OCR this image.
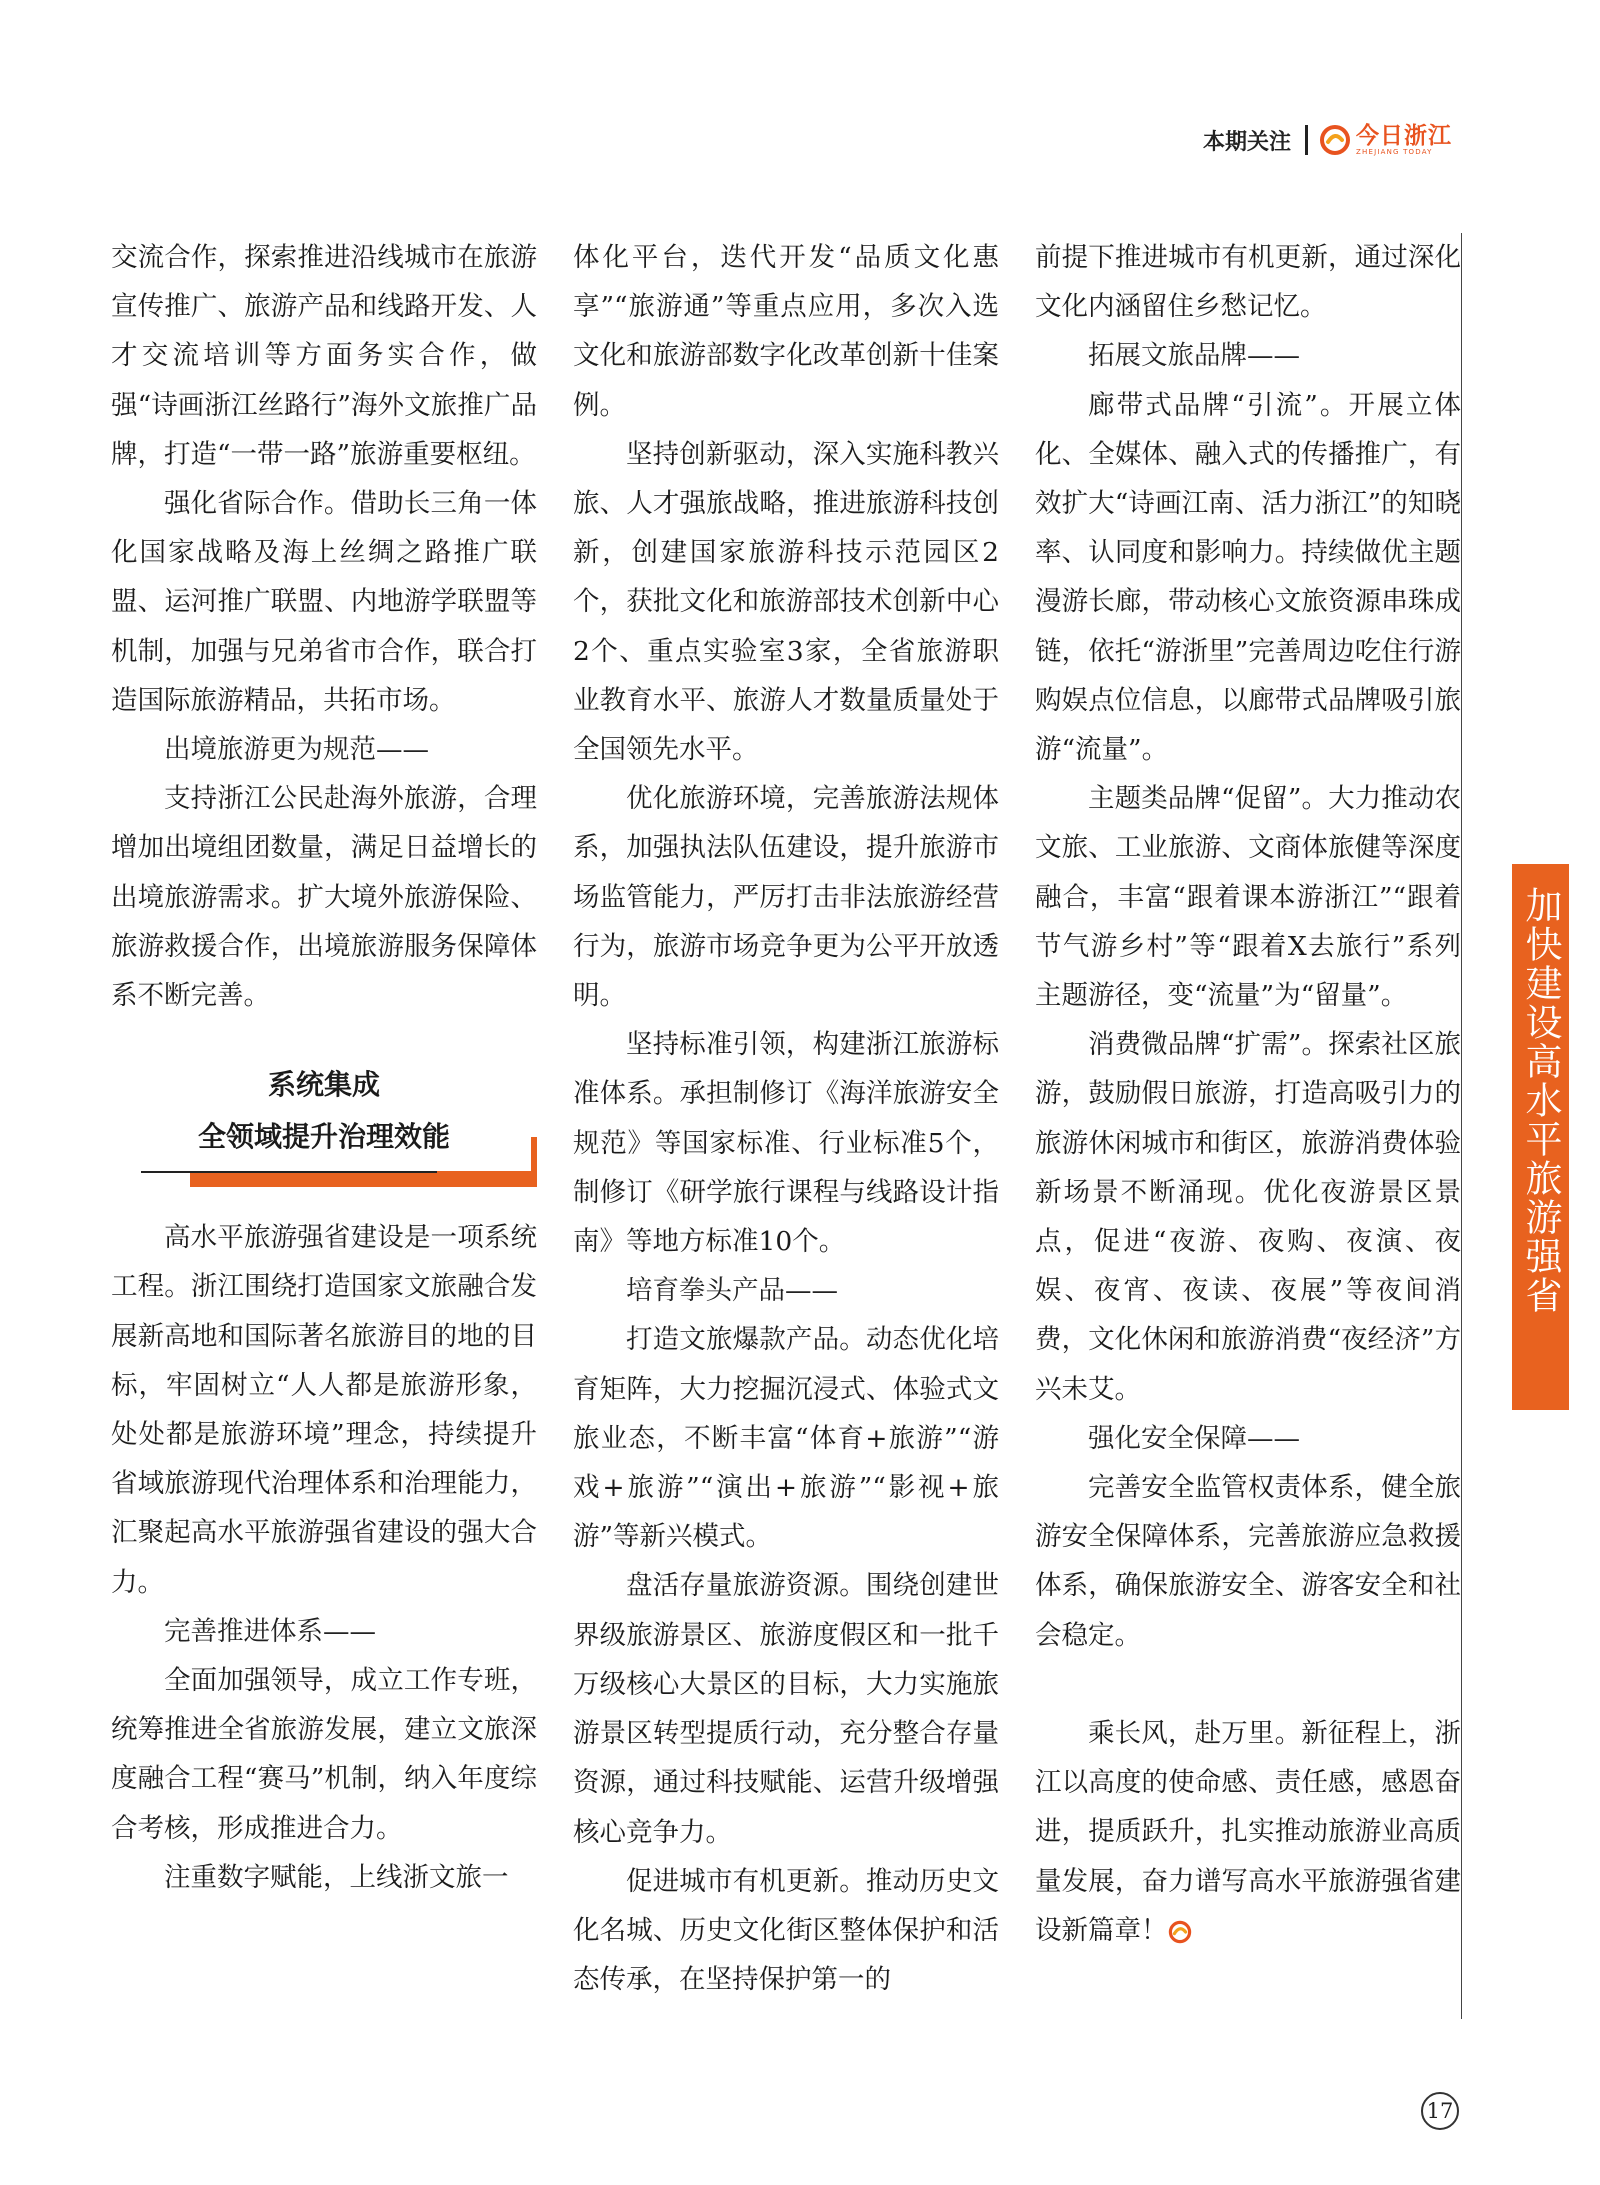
本期关注	今日浙江
ZHEJIANG TODAY

交流合作，探索推进沿线城市在旅游宣传推广、旅游产品和线路开发、人才交流培训等方面务实合作，做强“诗画浙江丝路行”海外文旅推广品牌，打造“一带一路”旅游重要枢纽。

强化省际合作。借助长三角一体化国家战略及海上丝绸之路推广联盟、运河推广联盟、内地游学联盟等机制，加强与兄弟省市合作，联合打造国际旅游精品，共拓市场。

出境旅游更为规范——

支持浙江公民赴海外旅游，合理增加出境组团数量，满足日益增长的出境旅游需求。扩大境外旅游保险、旅游救援合作，出境旅游服务保障体系不断完善。

系统集成
全领域提升治理效能

高水平旅游强省建设是一项系统工程。浙江围绕打造国家文旅融合发展新高地和国际著名旅游目的地的目标，牢固树立“人人都是旅游形象，处处都是旅游环境”理念，持续提升省域旅游现代治理体系和治理能力，汇聚起高水平旅游强省建设的强大合力。

完善推进体系——

全面加强领导，成立工作专班，统筹推进全省旅游发展，建立文旅深度融合工程“赛马”机制，纳入年度综合考核，形成推进合力。

注重数字赋能，上线浙文旅一

体化平台，迭代开发“品质文化惠享”“旅游通”等重点应用，多次入选文化和旅游部数字化改革创新十佳案例。

坚持创新驱动，深入实施科教兴旅、人才强旅战略，推进旅游科技创新，创建国家旅游科技示范园区2个，获批文化和旅游部技术创新中心2个、重点实验室3家，全省旅游职业教育水平、旅游人才数量质量处于全国领先水平。

优化旅游环境，完善旅游法规体系，加强执法队伍建设，提升旅游市场监管能力，严厉打击非法旅游经营行为，旅游市场竞争更为公平开放透明。

坚持标准引领，构建浙江旅游标准体系。承担制修订《海洋旅游安全规范》等国家标准、行业标准5个，制修订《研学旅行课程与线路设计指南》等地方标准10个。

培育拳头产品——

打造文旅爆款产品。动态优化培育矩阵，大力挖掘沉浸式、体验式文旅业态，不断丰富“体育+旅游”“游戏+旅游”“演出+旅游”“影视+旅游”等新兴模式。

盘活存量旅游资源。围绕创建世界级旅游景区、旅游度假区和一批千万级核心大景区的目标，大力实施旅游景区转型提质行动，充分整合存量资源，通过科技赋能、运营升级增强核心竞争力。

促进城市有机更新。推动历史文化名城、历史文化街区整体保护和活态传承，在坚持保护第一的

前提下推进城市有机更新，通过深化文化内涵留住乡愁记忆。

拓展文旅品牌——

廊带式品牌“引流”。开展立体化、全媒体、融入式的传播推广，有效扩大“诗画江南、活力浙江”的知晓率、认同度和影响力。持续做优主题漫游长廊，带动核心文旅资源串珠成链，依托“游浙里”完善周边吃住行游购娱点位信息，以廊带式品牌吸引旅游“流量”。

主题类品牌“促留”。大力推动农文旅、工业旅游、文商体旅健等深度融合，丰富“跟着课本游浙江”“跟着节气游乡村”等“跟着X去旅行”系列主题游径，变“流量”为“留量”。

消费微品牌“扩需”。探索社区旅游，鼓励假日旅游，打造高吸引力的旅游休闲城市和街区，旅游消费体验新场景不断涌现。优化夜游景区景点，促进“夜游、夜购、夜演、夜娱、夜宵、夜读、夜展”等夜间消费，文化休闲和旅游消费“夜经济”方兴未艾。

强化安全保障——

完善安全监管权责体系，健全旅游安全保障体系，完善旅游应急救援体系，确保旅游安全、游客安全和社会稳定。

乘长风，赴万里。新征程上，浙江以高度的使命感、责任感，感恩奋进，提质跃升，扎实推动旅游业高质量发展，奋力谱写高水平旅游强省建设新篇章！

加快建设高水平旅游强省
17
